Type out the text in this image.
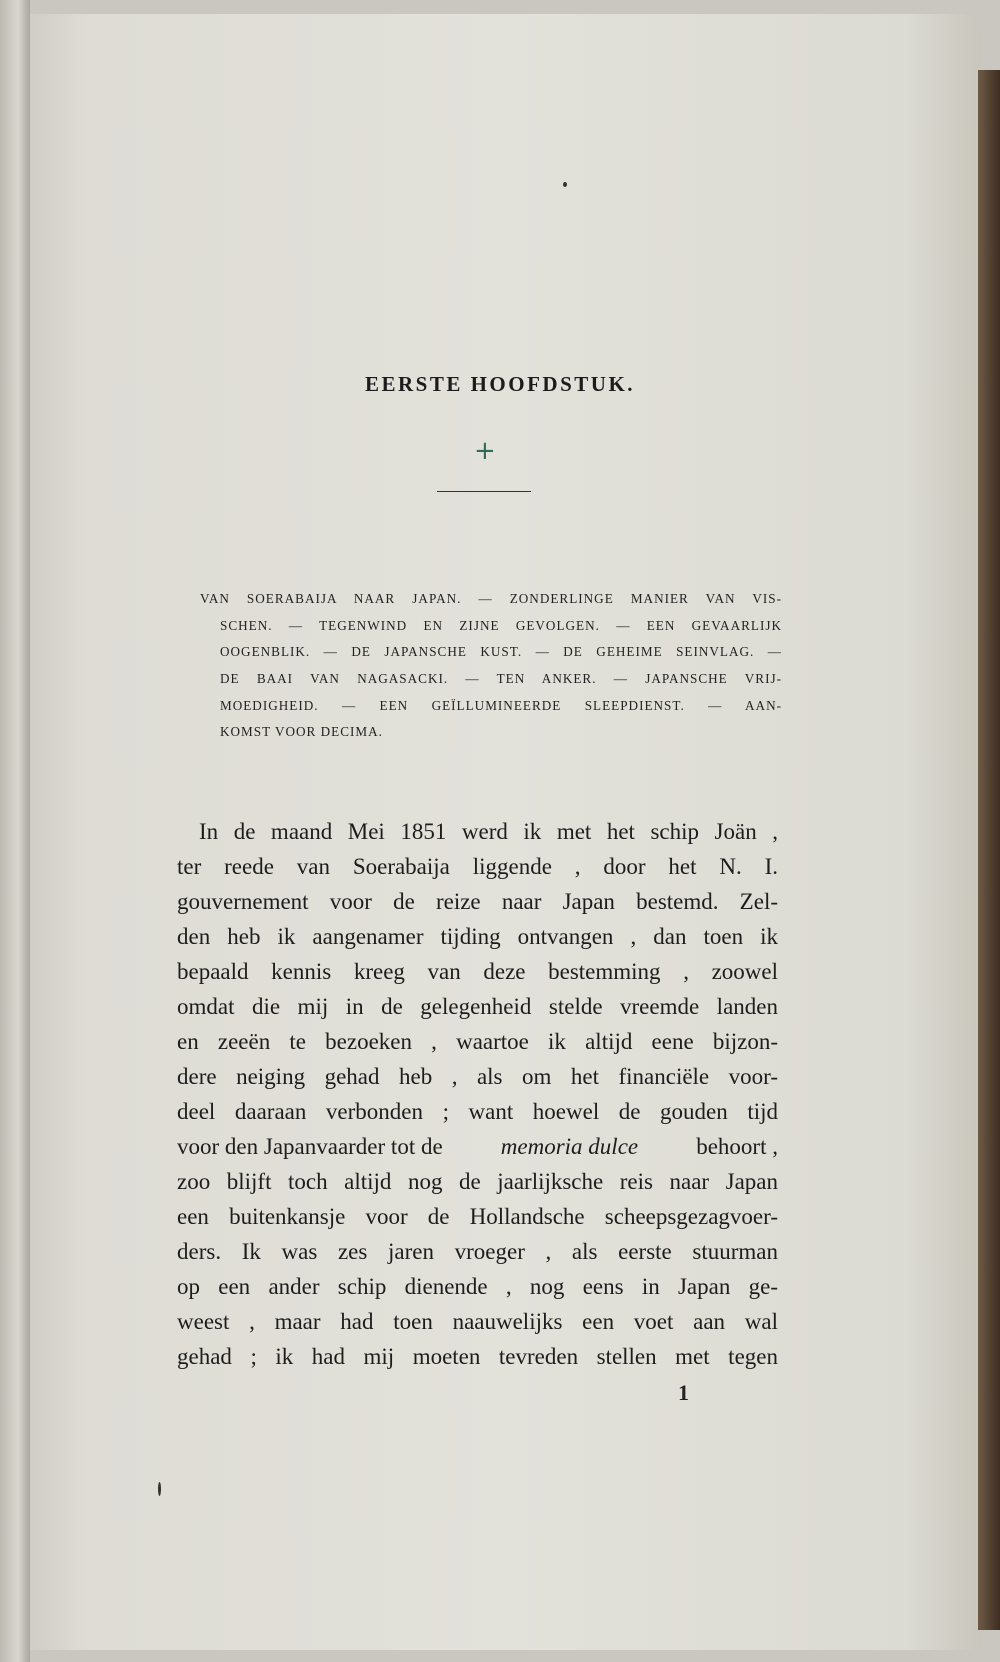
EERSTE HOOFDSTUK.
+
VAN SOERABAIJA NAAR JAPAN. — ZONDERLINGE MANIER VAN VIS-
SCHEN. — TEGENWIND EN ZIJNE GEVOLGEN. — EEN GEVAARLIJK
OOGENBLIK. — DE JAPANSCHE KUST. — DE GEHEIME SEINVLAG. —
DE BAAI VAN NAGASACKI. — TEN ANKER. — JAPANSCHE VRIJ-
MOEDIGHEID. — EEN GEÏLLUMINEERDE SLEEPDIENST. — AAN-
KOMST VOOR DECIMA.
In de maand Mei 1851 werd ik met het schip Joän ,
ter reede van Soerabaija liggende , door het N. I.
gouvernement voor de reize naar Japan bestemd. Zel-
den heb ik aangenamer tijding ontvangen , dan toen ik
bepaald kennis kreeg van deze bestemming , zoowel
omdat die mij in de gelegenheid stelde vreemde landen
en zeeën te bezoeken , waartoe ik altijd eene bijzon-
dere neiging gehad heb , als om het financiële voor-
deel daaraan verbonden ; want hoewel de gouden tijd
voor den Japanvaarder tot de	memoria dulce	behoort ,
zoo blijft toch altijd nog de jaarlijksche reis naar Japan
een buitenkansje voor de Hollandsche scheepsgezagvoer-
ders. Ik was zes jaren vroeger , als eerste stuurman
op een ander schip dienende , nog eens in Japan ge-
weest , maar had toen naauwelijks een voet aan wal
gehad ; ik had mij moeten tevreden stellen met tegen
1
